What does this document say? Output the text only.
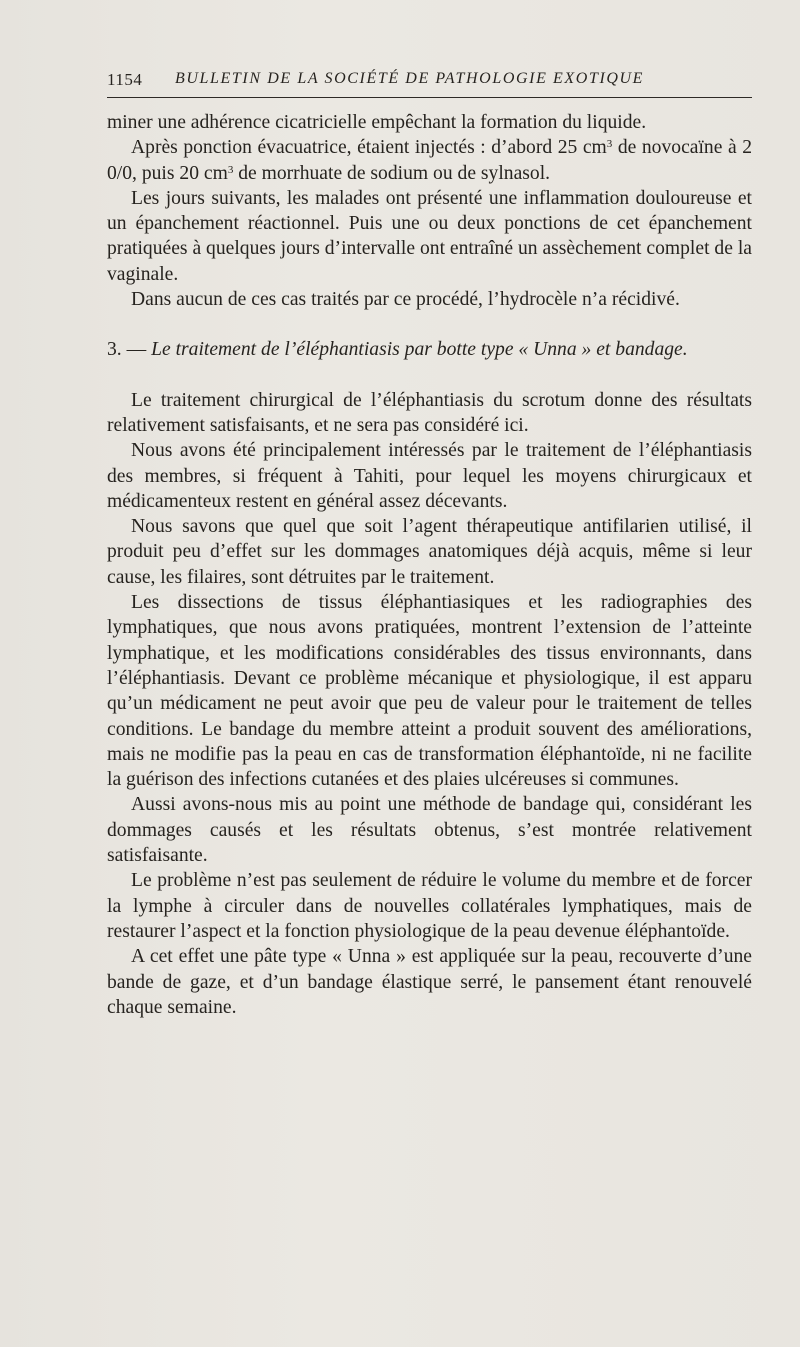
1154 BULLETIN DE LA SOCIÉTÉ DE PATHOLOGIE EXOTIQUE

miner une adhérence cicatricielle empêchant la formation du liquide.

Après ponction évacuatrice, étaient injectés : d’abord 25 $cm^3$ de novocaïne à 2 0/0, puis 20 $cm^3$ de morrhuate de sodium ou de sylnasol.

Les jours suivants, les malades ont présenté une inflammation douloureuse et un épanchement réactionnel. Puis une ou deux ponctions de cet épanchement pratiquées à quelques jours d’intervalle ont entraîné un assèchement complet de la vaginale.

Dans aucun de ces cas traités par ce procédé, l’hydrocèle n’a récidivé.

3. — Le traitement de l’éléphantiasis par botte type « Unna » et bandage.

Le traitement chirurgical de l’éléphantiasis du scrotum donne des résultats relativement satisfaisants, et ne sera pas considéré ici.

Nous avons été principalement intéressés par le traitement de l’éléphantiasis des membres, si fréquent à Tahiti, pour lequel les moyens chirurgicaux et médicamenteux restent en général assez décevants.

Nous savons que quel que soit l’agent thérapeutique antifilarien utilisé, il produit peu d’effet sur les dommages anatomiques déjà acquis, même si leur cause, les filaires, sont détruites par le traitement.

Les dissections de tissus éléphantiasiques et les radiographies des lymphatiques, que nous avons pratiquées, montrent l’extension de l’atteinte lymphatique, et les modifications considérables des tissus environnants, dans l’éléphantiasis. Devant ce problème mécanique et physiologique, il est apparu qu’un médicament ne peut avoir que peu de valeur pour le traitement de telles conditions. Le bandage du membre atteint a produit souvent des améliorations, mais ne modifie pas la peau en cas de transformation éléphantoïde, ni ne facilite la guérison des infections cutanées et des plaies ulcéreuses si communes.

Aussi avons-nous mis au point une méthode de bandage qui, considérant les dommages causés et les résultats obtenus, s’est montrée relativement satisfaisante.

Le problème n’est pas seulement de réduire le volume du membre et de forcer la lymphe à circuler dans de nouvelles collatérales lymphatiques, mais de restaurer l’aspect et la fonction physiologique de la peau devenue éléphantoïde.

A cet effet une pâte type « Unna » est appliquée sur la peau, recouverte d’une bande de gaze, et d’un bandage élastique serré, le pansement étant renouvelé chaque semaine.
